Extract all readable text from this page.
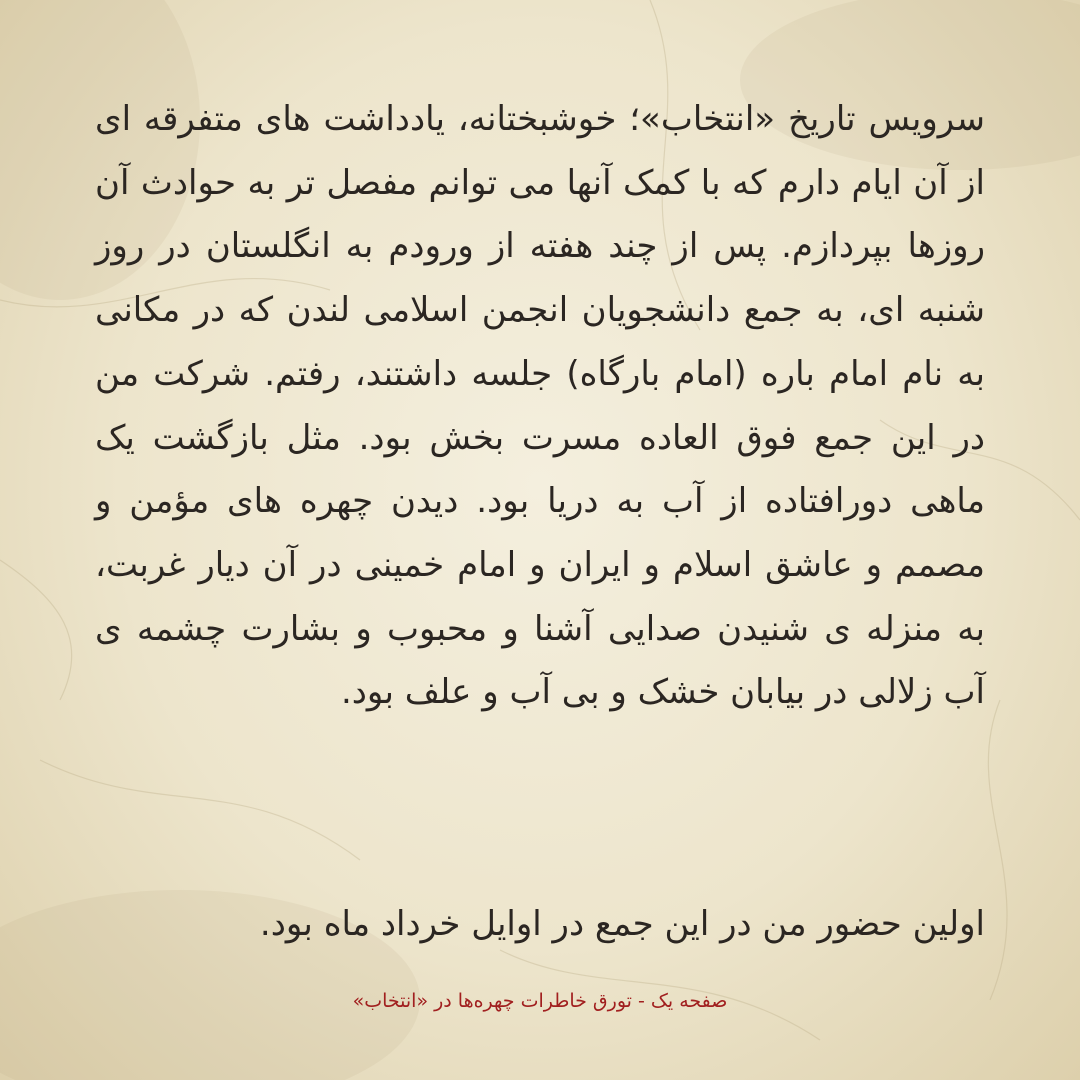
سرویس تاریخ «انتخاب»؛ خوشبختانه، یادداشت های متفرقه ای از آن ایام دارم که با کمک آنها می توانم مفصل تر به حوادث آن روزها بپردازم. پس از چند هفته از ورودم به انگلستان در روز شنبه ای، به جمع دانشجویان انجمن اسلامی لندن که در مکانی به نام امام باره (امام بارگاه) جلسه داشتند، رفتم. شرکت من در این جمع فوق العاده مسرت بخش بود. مثل بازگشت یک ماهی دورافتاده از آب به دریا بود. دیدن چهره های مؤمن و مصمم و عاشق اسلام و ایران و امام خمینی در آن دیار غربت، به منزله ی شنیدن صدایی آشنا و محبوب و بشارت چشمه ی آب زلالی در بیابان خشک و بی آب و علف بود.

اولین حضور من در این جمع در اوایل خرداد ماه بود.

صفحه یک - تورق خاطرات چهره‌ها در «انتخاب»
